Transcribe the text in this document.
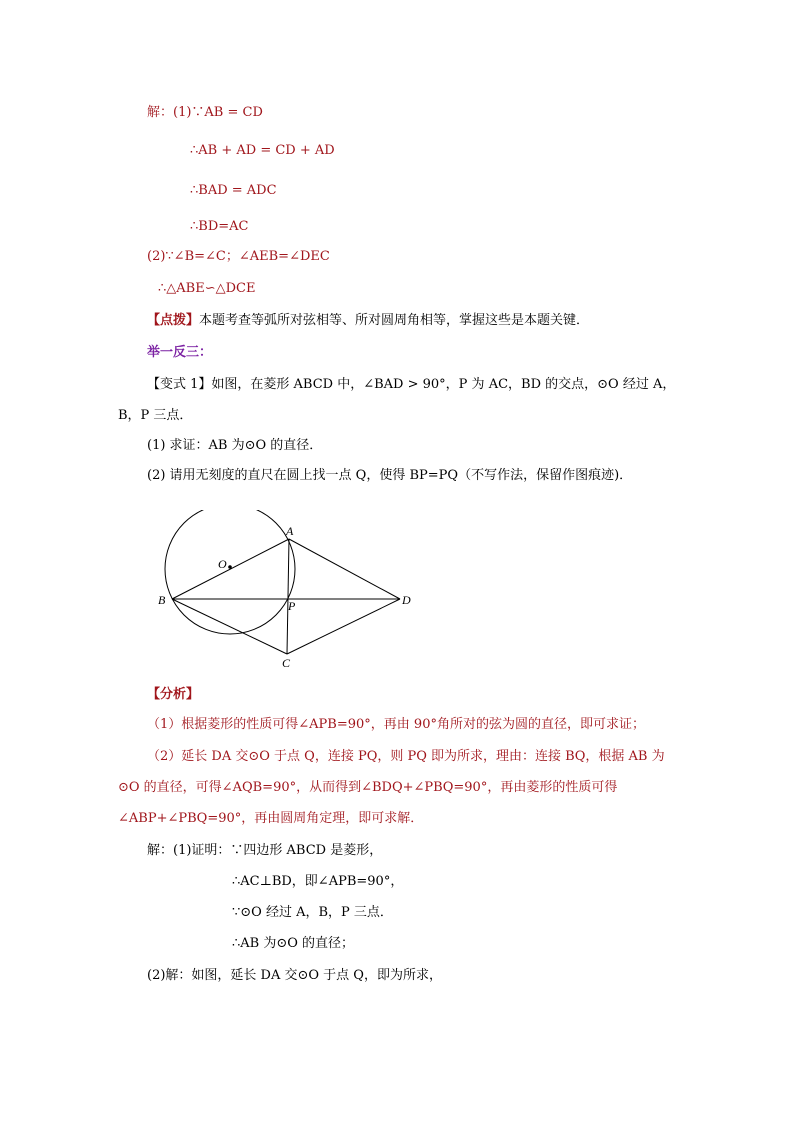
解：(1)∵AB = CD
∴AB + AD = CD + AD
∴BAD = ADC
∴BD=AC
(2)∵∠B=∠C；∠AEB=∠DEC
∴△ABE∽△DCE
【点拨】本题考查等弧所对弦相等、所对圆周角相等，掌握这些是本题关键．
举一反三：
【变式 1】如图，在菱形 ABCD 中，∠BAD > 90°，P 为 AC，BD 的交点，⊙O 经过 A，
B，P 三点．
(1) 求证：AB 为⊙O 的直径．
(2) 请用无刻度的直尺在圆上找一点 Q，使得 BP=PQ（不写作法，保留作图痕迹)．
A
B
C
D
P
O
【分析】
（1）根据菱形的性质可得∠APB=90°，再由 90°角所对的弦为圆的直径，即可求证；
（2）延长 DA 交⊙O 于点 Q，连接 PQ，则 PQ 即为所求，理由：连接 BQ，根据 AB 为
⊙O 的直径，可得∠AQB=90°，从而得到∠BDQ+∠PBQ=90°，再由菱形的性质可得
∠ABP+∠PBQ=90°，再由圆周角定理，即可求解．
解：(1)证明：∵四边形 ABCD 是菱形，
∴AC⊥BD，即∠APB=90°，
∵⊙O 经过 A，B，P 三点．
∴AB 为⊙O 的直径；
(2)解：如图，延长 DA 交⊙O 于点 Q，即为所求，
